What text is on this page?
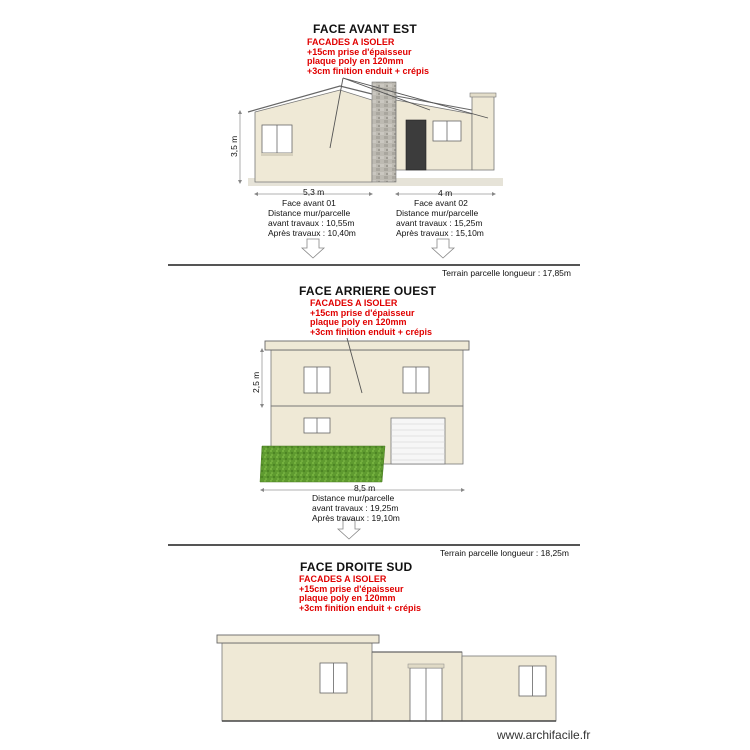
FACE AVANT EST
FACADES A ISOLER
+15cm prise d'épaisseur
plaque poly en 120mm
+3cm finition enduit + crépis
3,5 m
5,3 m	4 m
Face avant 01
Distance mur/parcelle
avant travaux : 10,55m
Après travaux : 10,40m
Face avant 02
Distance mur/parcelle
avant travaux : 15,25m
Après travaux : 15,10m
Terrain parcelle longueur : 17,85m
FACE ARRIERE OUEST
FACADES A ISOLER
+15cm prise d'épaisseur
plaque poly en 120mm
+3cm finition enduit + crépis
2,5 m
8,5 m
Distance mur/parcelle
avant travaux : 19,25m
Après travaux : 19,10m
Terrain parcelle longueur : 18,25m
FACE DROITE SUD
FACADES A ISOLER
+15cm prise d'épaisseur
plaque poly en 120mm
+3cm finition enduit + crépis
www.archifacile.fr
